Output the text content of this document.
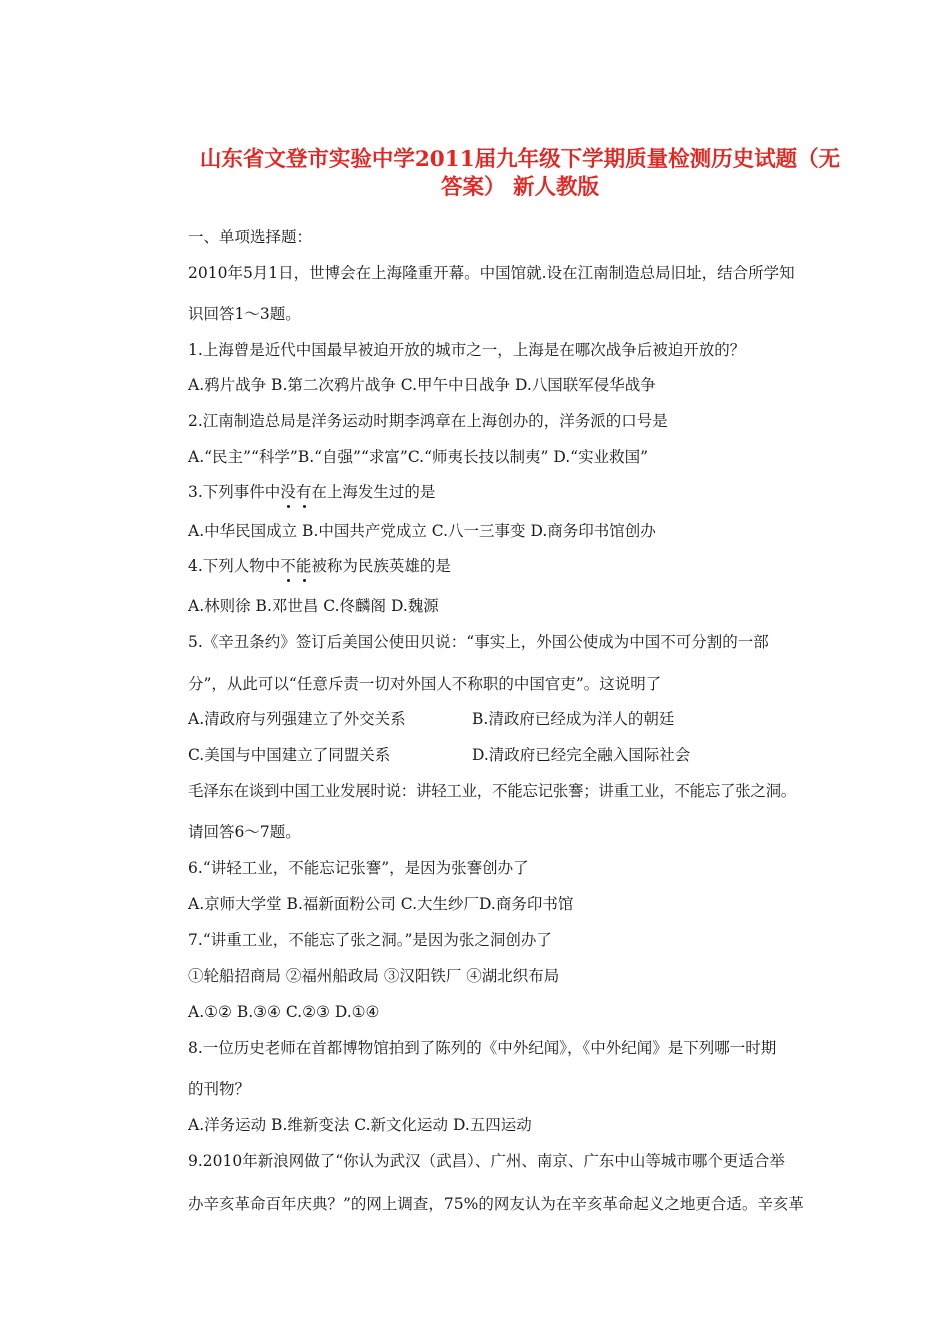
山东省文登市实验中学2011届九年级下学期质量检测历史试题（无
答案） 新人教版
一、单项选择题：
2010年5月1日，世博会在上海隆重开幕。中国馆就.设在江南制造总局旧址，结合所学知
识回答1～3题。
1.上海曾是近代中国最早被迫开放的城市之一，上海是在哪次战争后被迫开放的？
A.鸦片战争 B.第二次鸦片战争 C.甲午中日战争 D.八国联军侵华战争
2.江南制造总局是洋务运动时期李鸿章在上海创办的，洋务派的口号是
A.“民主”“科学”B.“自强”“求富”C.“师夷长技以制夷” D.“实业救国”
3.下列事件中没有在上海发生过的是
A.中华民国成立 B.中国共产党成立 C.八一三事变 D.商务印书馆创办
4.下列人物中不能被称为民族英雄的是
A.林则徐 B.邓世昌 C.佟麟阁 D.魏源
5.《辛丑条约》签订后美国公使田贝说：“事实上，外国公使成为中国不可分割的一部
分”，从此可以“任意斥责一切对外国人不称职的中国官吏”。这说明了
A.清政府与列强建立了外交关系	B.清政府已经成为洋人的朝廷
C.美国与中国建立了同盟关系	D.清政府已经完全融入国际社会
毛泽东在谈到中国工业发展时说：讲轻工业，不能忘记张謇；讲重工业，不能忘了张之洞。
请回答6～7题。
6.“讲轻工业，不能忘记张謇”，是因为张謇创办了
A.京师大学堂 B.福新面粉公司 C.大生纱厂D.商务印书馆
7.“讲重工业，不能忘了张之洞。”是因为张之洞创办了
①轮船招商局 ②福州船政局 ③汉阳铁厂 ④湖北织布局
A.①② B.③④ C.②③ D.①④
8.一位历史老师在首都博物馆拍到了陈列的《中外纪闻》，《中外纪闻》是下列哪一时期
的刊物？
A.洋务运动 B.维新变法 C.新文化运动 D.五四运动
9.2010年新浪网做了“你认为武汉（武昌）、广州、南京、广东中山等城市哪个更适合举
办辛亥革命百年庆典？”的网上调查，75%的网友认为在辛亥革命起义之地更合适。辛亥革
